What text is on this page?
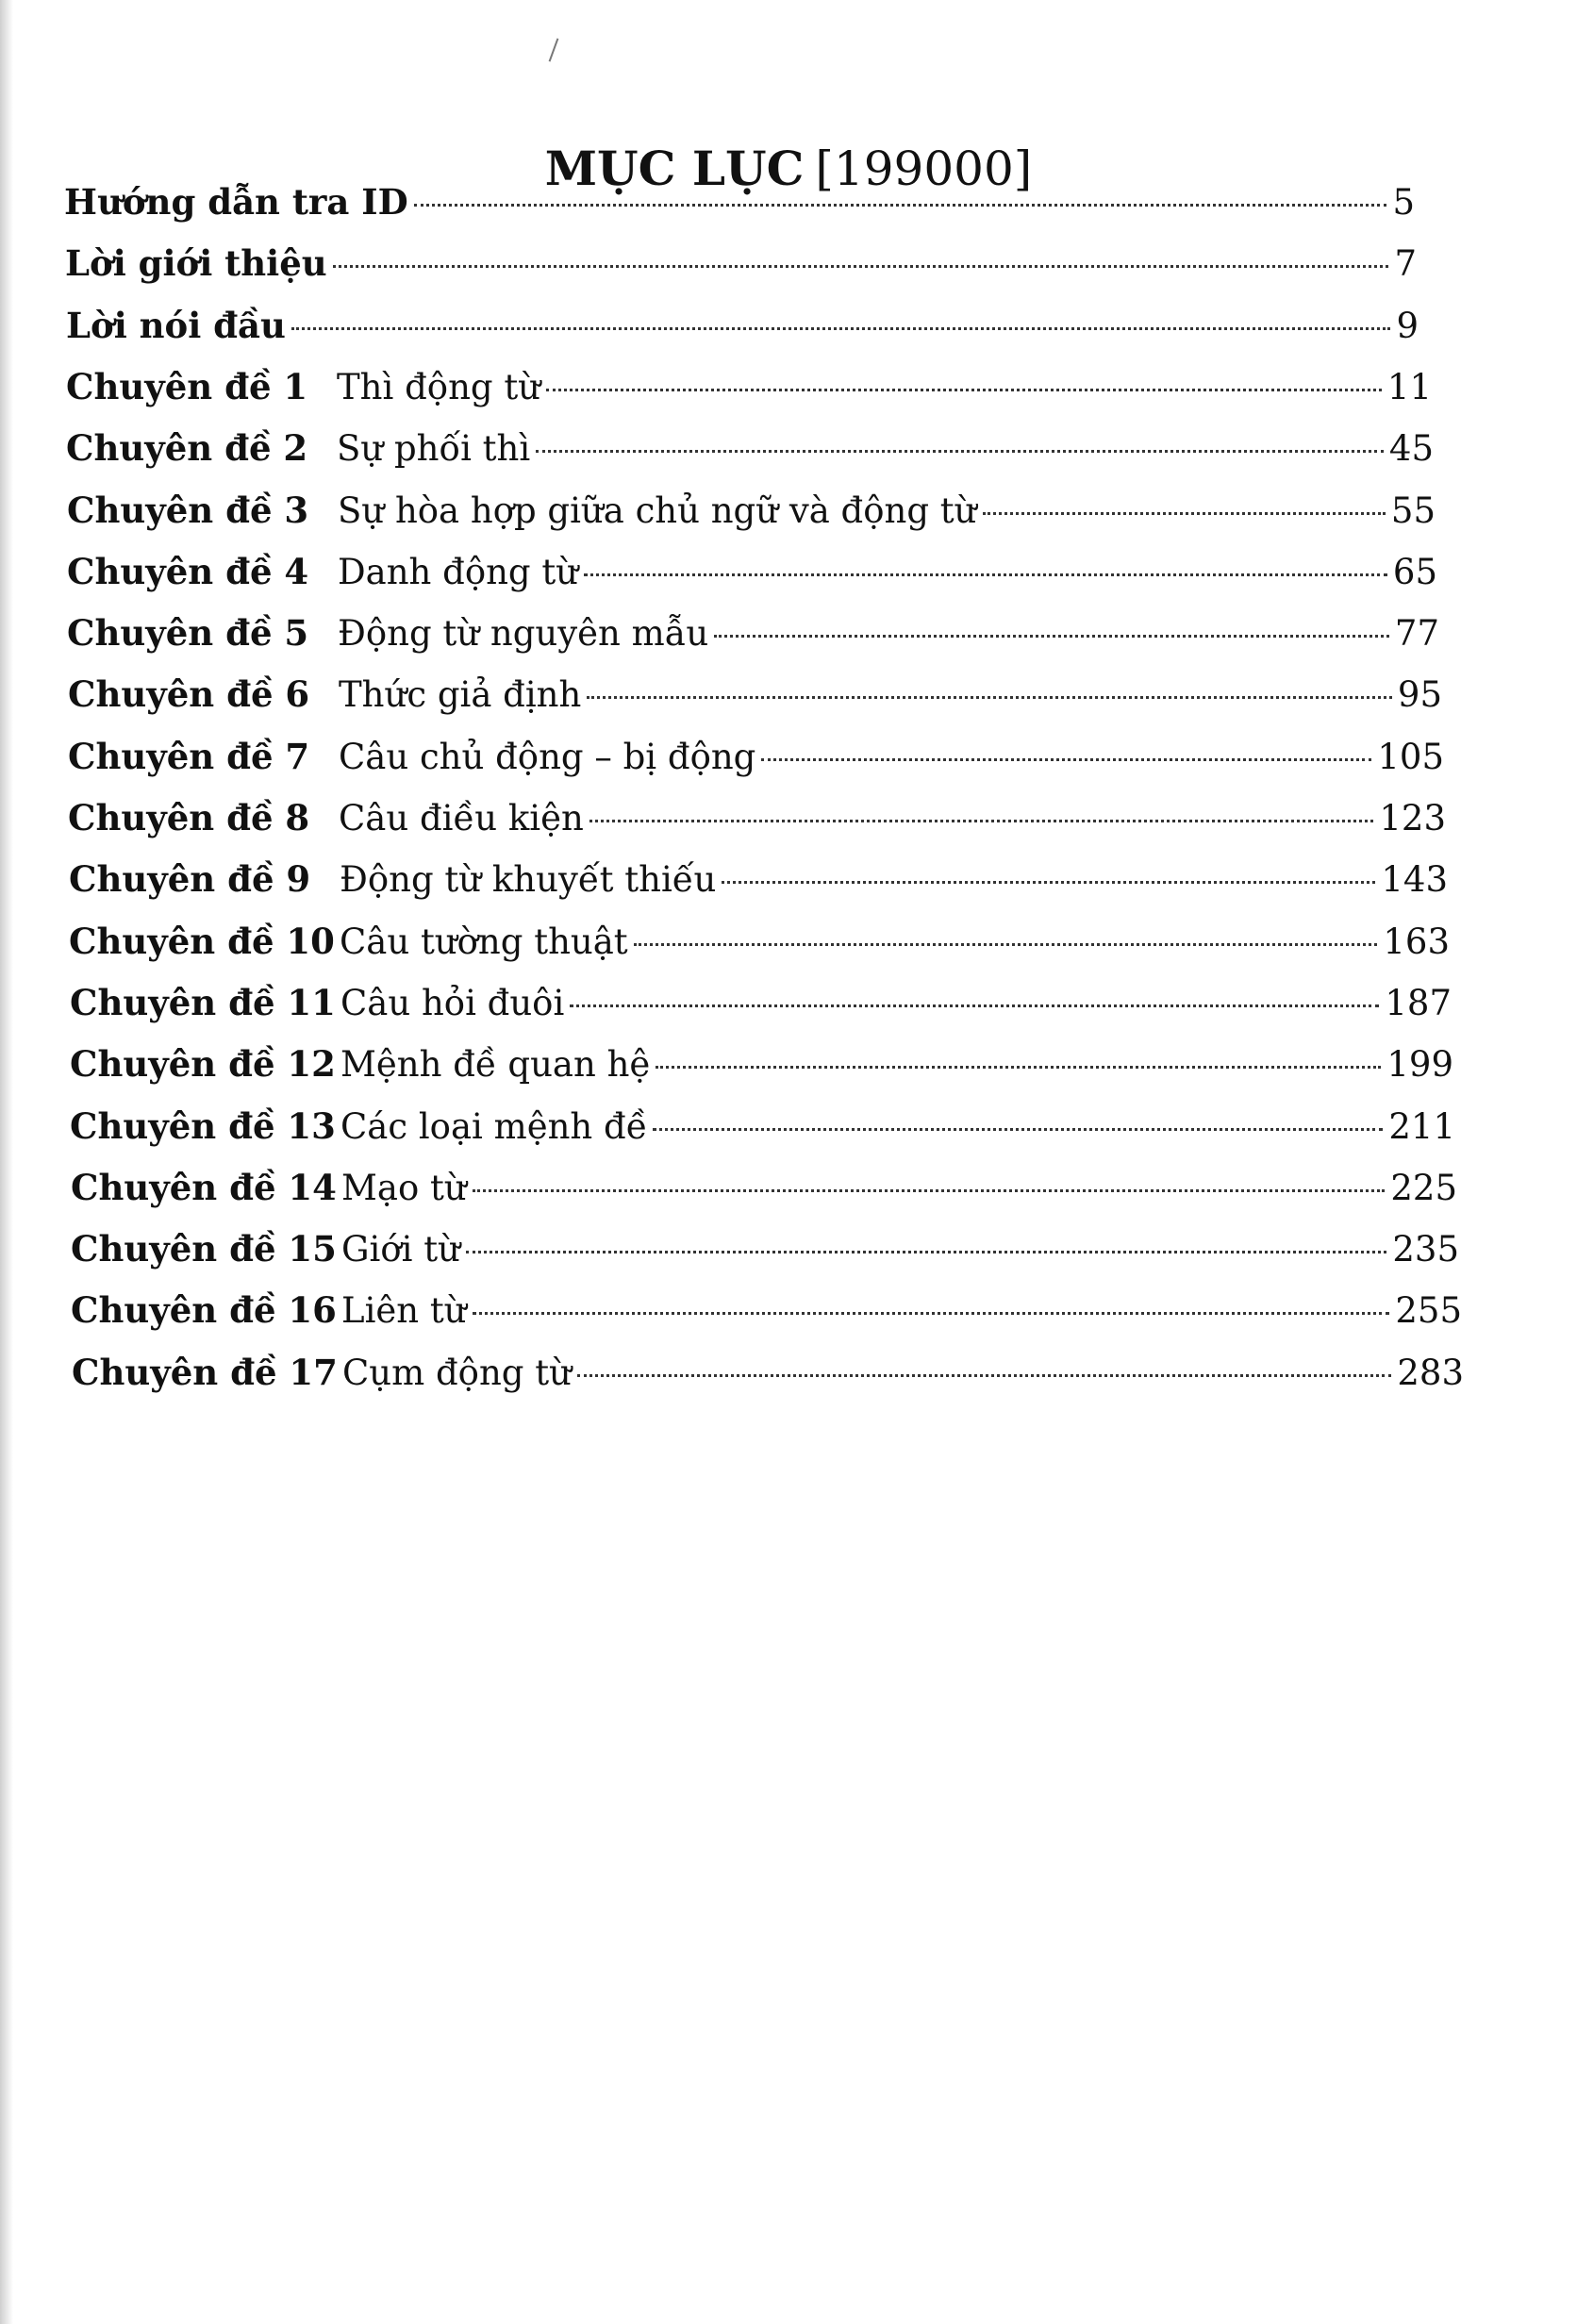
MỤC LỤC [199000]
Hướng dẫn tra ID	5
Lời giới thiệu	7
Lời nói đầu	9
Chuyên đề 1 Thì động từ	11
Chuyên đề 2 Sự phối thì	45
Chuyên đề 3 Sự hòa hợp giữa chủ ngữ và động từ	55
Chuyên đề 4 Danh động từ	65
Chuyên đề 5 Động từ nguyên mẫu	77
Chuyên đề 6 Thức giả định	95
Chuyên đề 7 Câu chủ động – bị động	105
Chuyên đề 8 Câu điều kiện	123
Chuyên đề 9 Động từ khuyết thiếu	143
Chuyên đề 10 Câu tường thuật	163
Chuyên đề 11 Câu hỏi đuôi	187
Chuyên đề 12 Mệnh đề quan hệ	199
Chuyên đề 13 Các loại mệnh đề	211
Chuyên đề 14 Mạo từ	225
Chuyên đề 15 Giới từ	235
Chuyên đề 16 Liên từ	255
Chuyên đề 17 Cụm động từ	283
